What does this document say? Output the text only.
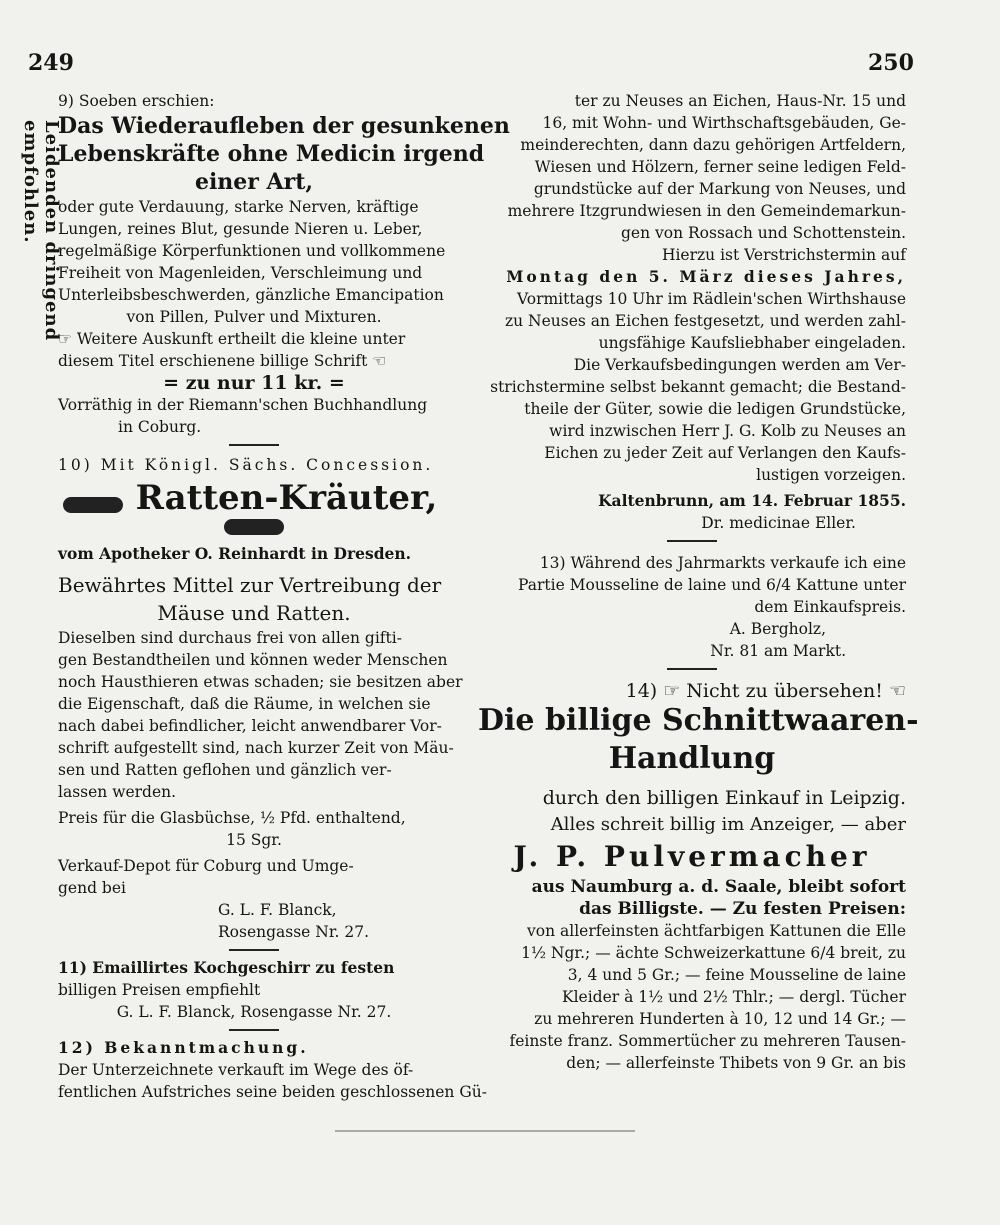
249	250
Leidenden dringend empfohlen.
9) Soeben erschien:
Das Wiederaufleben der gesunkenen
Lebenskräfte ohne Medicin irgend
einer Art,
oder gute Verdauung, starke Nerven, kräftige
Lungen, reines Blut, gesunde Nieren u. Leber,
regelmäßige Körperfunktionen und vollkommene
Freiheit von Magenleiden, Verschleimung und
Unterleibsbeschwerden, gänzliche Emancipation
von Pillen, Pulver und Mixturen.
☞ Weitere Auskunft ertheilt die kleine unter
diesem Titel erschienene billige Schrift ☜
= zu nur 11 kr. =
Vorräthig in der Riemann'schen Buchhandlung
in Coburg.
10) Mit Königl. Sächs. Concession.
Ratten-Kräuter,
vom Apotheker O. Reinhardt in Dresden.
Bewährtes Mittel zur Vertreibung der
Mäuse und Ratten.
Dieselben sind durchaus frei von allen gifti-
gen Bestandtheilen und können weder Menschen
noch Hausthieren etwas schaden; sie besitzen aber
die Eigenschaft, daß die Räume, in welchen sie
nach dabei befindlicher, leicht anwendbarer Vor-
schrift aufgestellt sind, nach kurzer Zeit von Mäu-
sen und Ratten geflohen und gänzlich ver-
lassen werden.
Preis für die Glasbüchse, ½ Pfd. enthaltend,
15 Sgr.
Verkauf-Depot für Coburg und Umge-
gend bei
G. L. F. Blanck,
Rosengasse Nr. 27.
11) Emaillirtes Kochgeschirr zu festen
billigen Preisen empfiehlt
G. L. F. Blanck, Rosengasse Nr. 27.
12) Bekanntmachung.
Der Unterzeichnete verkauft im Wege des öf-
fentlichen Aufstriches seine beiden geschlossenen Gü-
ter zu Neuses an Eichen, Haus-Nr. 15 und
16, mit Wohn- und Wirthschaftsgebäuden, Ge-
meinderechten, dann dazu gehörigen Artfeldern,
Wiesen und Hölzern, ferner seine ledigen Feld-
grundstücke auf der Markung von Neuses, und
mehrere Itzgrundwiesen in den Gemeindemarkun-
gen von Rossach und Schottenstein.
Hierzu ist Verstrichstermin auf
Montag den 5. März dieses Jahres,
Vormittags 10 Uhr im Rädlein'schen Wirthshause
zu Neuses an Eichen festgesetzt, und werden zahl-
ungsfähige Kaufsliebhaber eingeladen.
Die Verkaufsbedingungen werden am Ver-
strichstermine selbst bekannt gemacht; die Bestand-
theile der Güter, sowie die ledigen Grundstücke,
wird inzwischen Herr J. G. Kolb zu Neuses an
Eichen zu jeder Zeit auf Verlangen den Kaufs-
lustigen vorzeigen.
Kaltenbrunn, am 14. Februar 1855.
Dr. medicinae Eller.
13) Während des Jahrmarkts verkaufe ich eine
Partie Mousseline de laine und 6/4 Kattune unter
dem Einkaufspreis.
A. Bergholz,
Nr. 81 am Markt.
14) ☞ Nicht zu übersehen! ☜
Die billige Schnittwaaren-
Handlung
durch den billigen Einkauf in Leipzig.
Alles schreit billig im Anzeiger, — aber
J. P. Pulvermacher
aus Naumburg a. d. Saale, bleibt sofort
das Billigste. — Zu festen Preisen:
von allerfeinsten ächtfarbigen Kattunen die Elle
1½ Ngr.; — ächte Schweizerkattune 6/4 breit, zu
3, 4 und 5 Gr.; — feine Mousseline de laine
Kleider à 1½ und 2½ Thlr.; — dergl. Tücher
zu mehreren Hunderten à 10, 12 und 14 Gr.; —
feinste franz. Sommertücher zu mehreren Tausen-
den; — allerfeinste Thibets von 9 Gr. an bis
